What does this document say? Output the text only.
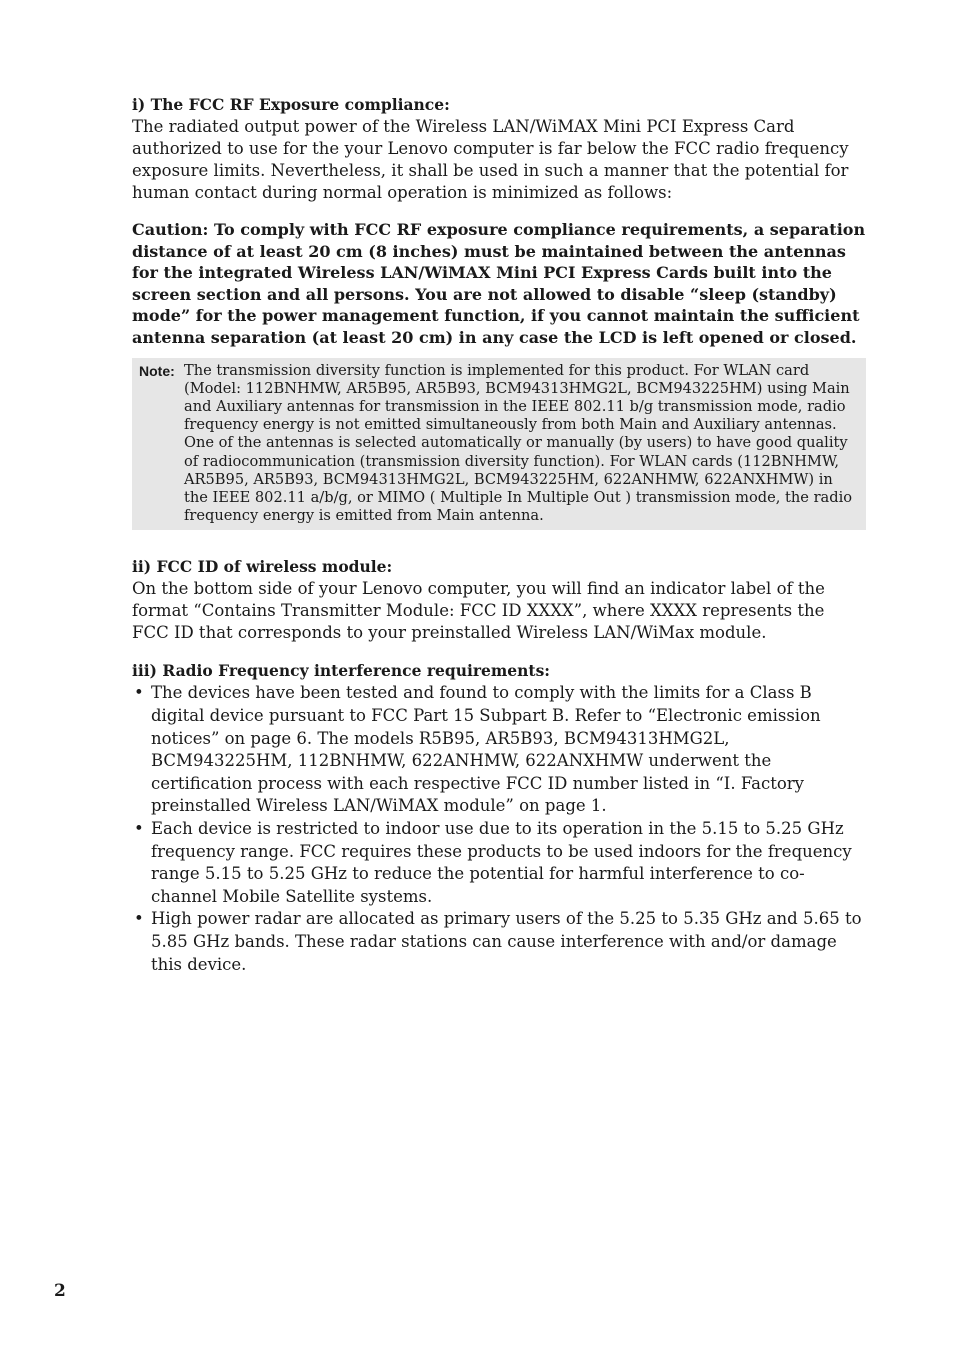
i) The FCC RF Exposure compliance:

The radiated output power of the Wireless LAN/WiMAX Mini PCI Express Card authorized to use for the your Lenovo computer is far below the FCC radio frequency exposure limits. Nevertheless, it shall be used in such a manner that the potential for human contact during normal operation is minimized as follows:

Caution: To comply with FCC RF exposure compliance requirements, a separation distance of at least 20 cm (8 inches) must be maintained between the antennas for the integrated Wireless LAN/WiMAX Mini PCI Express Cards built into the screen section and all persons. You are not allowed to disable “sleep (standby) mode” for the power management function, if you cannot maintain the sufficient antenna separation (at least 20 cm) in any case the LCD is left opened or closed.

Note: The transmission diversity function is implemented for this product. For WLAN card (Model: 112BNHMW, AR5B95, AR5B93, BCM94313HMG2L, BCM943225HM) using Main and Auxiliary antennas for transmission in the IEEE 802.11 b/g transmission mode, radio frequency energy is not emitted simultaneously from both Main and Auxiliary antennas. One of the antennas is selected automatically or manually (by users) to have good quality of radiocommunication (transmission diversity function). For WLAN cards (112BNHMW, AR5B95, AR5B93, BCM94313HMG2L, BCM943225HM, 622ANHMW, 622ANXHMW) in the IEEE 802.11 a/b/g, or MIMO ( Multiple In Multiple Out ) transmission mode, the radio frequency energy is emitted from Main antenna.

ii) FCC ID of wireless module:

On the bottom side of your Lenovo computer, you will find an indicator label of the format “Contains Transmitter Module: FCC ID XXXX”, where XXXX represents the FCC ID that corresponds to your preinstalled Wireless LAN/WiMax module.

iii) Radio Frequency interference requirements:

• The devices have been tested and found to comply with the limits for a Class B digital device pursuant to FCC Part 15 Subpart B. Refer to “Electronic emission notices” on page 6. The models R5B95, AR5B93, BCM94313HMG2L, BCM943225HM, 112BNHMW, 622ANHMW, 622ANXHMW underwent the certification process with each respective FCC ID number listed in “I. Factory preinstalled Wireless LAN/WiMAX module” on page 1.
• Each device is restricted to indoor use due to its operation in the 5.15 to 5.25 GHz frequency range. FCC requires these products to be used indoors for the frequency range 5.15 to 5.25 GHz to reduce the potential for harmful interference to co-channel Mobile Satellite systems.
• High power radar are allocated as primary users of the 5.25 to 5.35 GHz and 5.65 to 5.85 GHz bands. These radar stations can cause interference with and/or damage this device.
2
